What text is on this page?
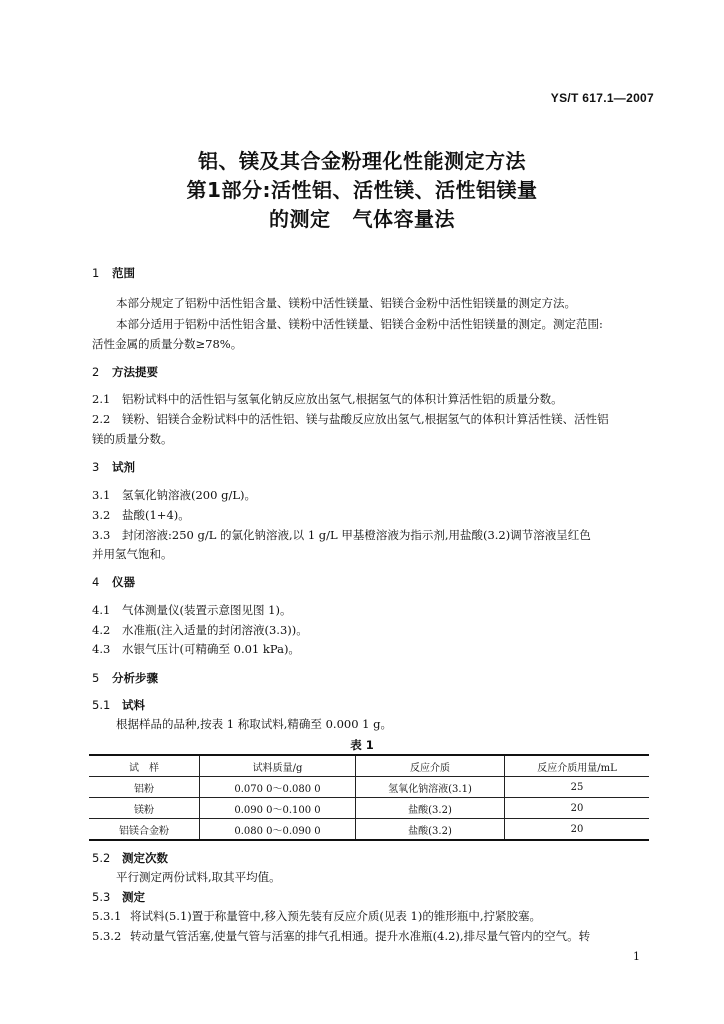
YS/T 617.1—2007
铝、镁及其合金粉理化性能测定方法
第1部分:活性铝、活性镁、活性铝镁量
的测定 气体容量法
1 范围
本部分规定了铝粉中活性铝含量、镁粉中活性镁量、铝镁合金粉中活性铝镁量的测定方法。
本部分适用于铝粉中活性铝含量、镁粉中活性镁量、铝镁合金粉中活性铝镁量的测定。测定范围:
活性金属的质量分数≥78%。
2 方法提要
2.1 铝粉试料中的活性铝与氢氧化钠反应放出氢气,根据氢气的体积计算活性铝的质量分数。
2.2 镁粉、铝镁合金粉试料中的活性铝、镁与盐酸反应放出氢气,根据氢气的体积计算活性镁、活性铝
镁的质量分数。
3 试剂
3.1 氢氧化钠溶液(200 g/L)。
3.2 盐酸(1+4)。
3.3 封闭溶液:250 g/L 的氯化钠溶液,以 1 g/L 甲基橙溶液为指示剂,用盐酸(3.2)调节溶液呈红色
并用氢气饱和。
4 仪器
4.1 气体测量仪(装置示意图见图 1)。
4.2 水准瓶(注入适量的封闭溶液(3.3))。
4.3 水银气压计(可精确至 0.01 kPa)。
5 分析步骤
5.1 试料
根据样品的品种,按表 1 称取试料,精确至 0.000 1 g。
表 1
试　样	试料质量/g	反应介质	反应介质用量/mL
铝粉	0.070 0～0.080 0	氢氧化钠溶液(3.1)	25
镁粉	0.090 0～0.100 0	盐酸(3.2)	20
铝镁合金粉	0.080 0～0.090 0	盐酸(3.2)	20
5.2 测定次数
平行测定两份试料,取其平均值。
5.3 测定
5.3.1 将试料(5.1)置于称量管中,移入预先装有反应介质(见表 1)的锥形瓶中,拧紧胶塞。
5.3.2 转动量气管活塞,使量气管与活塞的排气孔相通。提升水准瓶(4.2),排尽量气管内的空气。转
1
